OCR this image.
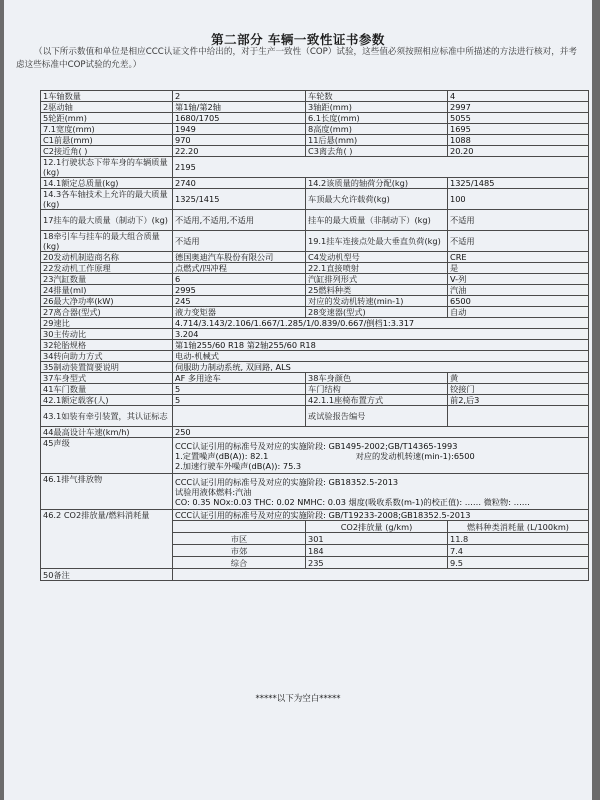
第二部分 车辆一致性证书参数
（以下所示数值和单位是相应CCC认证文件中给出的，对于生产一致性（COP）试验，这些值必须按照相应标准中所描述的方法进行核对，并考虑这些标准中COP试验的允差。）
1车轴数量	2	车轮数	4
2驱动轴	第1轴/第2轴	3轴距(mm)	2997
5轮距(mm)	1680/1705	6.1长度(mm)	5055
7.1宽度(mm)	1949	8高度(mm)	1695
C1前悬(mm)	970	11后悬(mm)	1088
C2接近角( )	22.20	C3离去角( )	20.20
12.1行驶状态下带车身的车辆质量(kg)	2195
14.1额定总质量(kg)	2740	14.2该质量的轴荷分配(kg)	1325/1485
14.3各车轴技术上允许的最大质量(kg)	1325/1415	车顶最大允许载荷(kg)	100
17挂车的最大质量（制动下）(kg)	不适用,不适用,不适用	挂车的最大质量（非制动下）(kg)	不适用
18牵引车与挂车的最大组合质量(kg)	不适用	19.1挂车连接点处最大垂直负荷(kg)	不适用
20发动机制造商名称	德国奥迪汽车股份有限公司	C4发动机型号	CRE
22发动机工作原理	点燃式/四冲程	22.1直接喷射	是
23汽缸数量	6	汽缸排列形式	V-列
24排量(ml)	2995	25燃料种类	汽油
26最大净功率(kW)	245	对应的发动机转速(min-1)	6500
27离合器(型式)	液力变矩器	28变速器(型式)	自动
29速比	4.714/3.143/2.106/1.667/1.285/1/0.839/0.667/倒档1:3.317
30主传动比	3.204
32轮胎规格	第1轴255/60 R18 第2轴255/60 R18
34转向助力方式	电动-机械式
35制动装置简要说明	伺服助力制动系统, 双回路, ALS
37车身型式	AF 多用途车	38车身颜色	黄
41车门数量	5	车门结构	铰接门
42.1额定载客(人)	5	42.1.1座椅布置方式	前2,后3
43.1如装有牵引装置，其认证标志		或试验报告编号	
44最高设计车速(km/h)	250
45声级	CCC认证引用的标准号及对应的实施阶段: GB1495-2002;GB/T14365-1993
1.定置噪声(dB(A)): 82.1	对应的发动机转速(min-1):6500
2.加速行驶车外噪声(dB(A)): 75.3

46.1排气排放物	CCC认证引用的标准号及对应的实施阶段: GB18352.5-2013
试验用液体燃料:汽油
CO: 0.35 NOx:0.03 THC: 0.02 NMHC: 0.03 烟度(吸收系数(m-1)的校正值): …… 微粒物: ……

46.2 CO2排放量/燃料消耗量	CCC认证引用的标准号及对应的实施阶段: GB/T19233-2008;GB18352.5-2013
	CO2排放量 (g/km)	燃料种类消耗量 (L/100km)
市区	301	11.8
市郊	184	7.4
综合	235	9.5
50备注	
*****以下为空白*****
